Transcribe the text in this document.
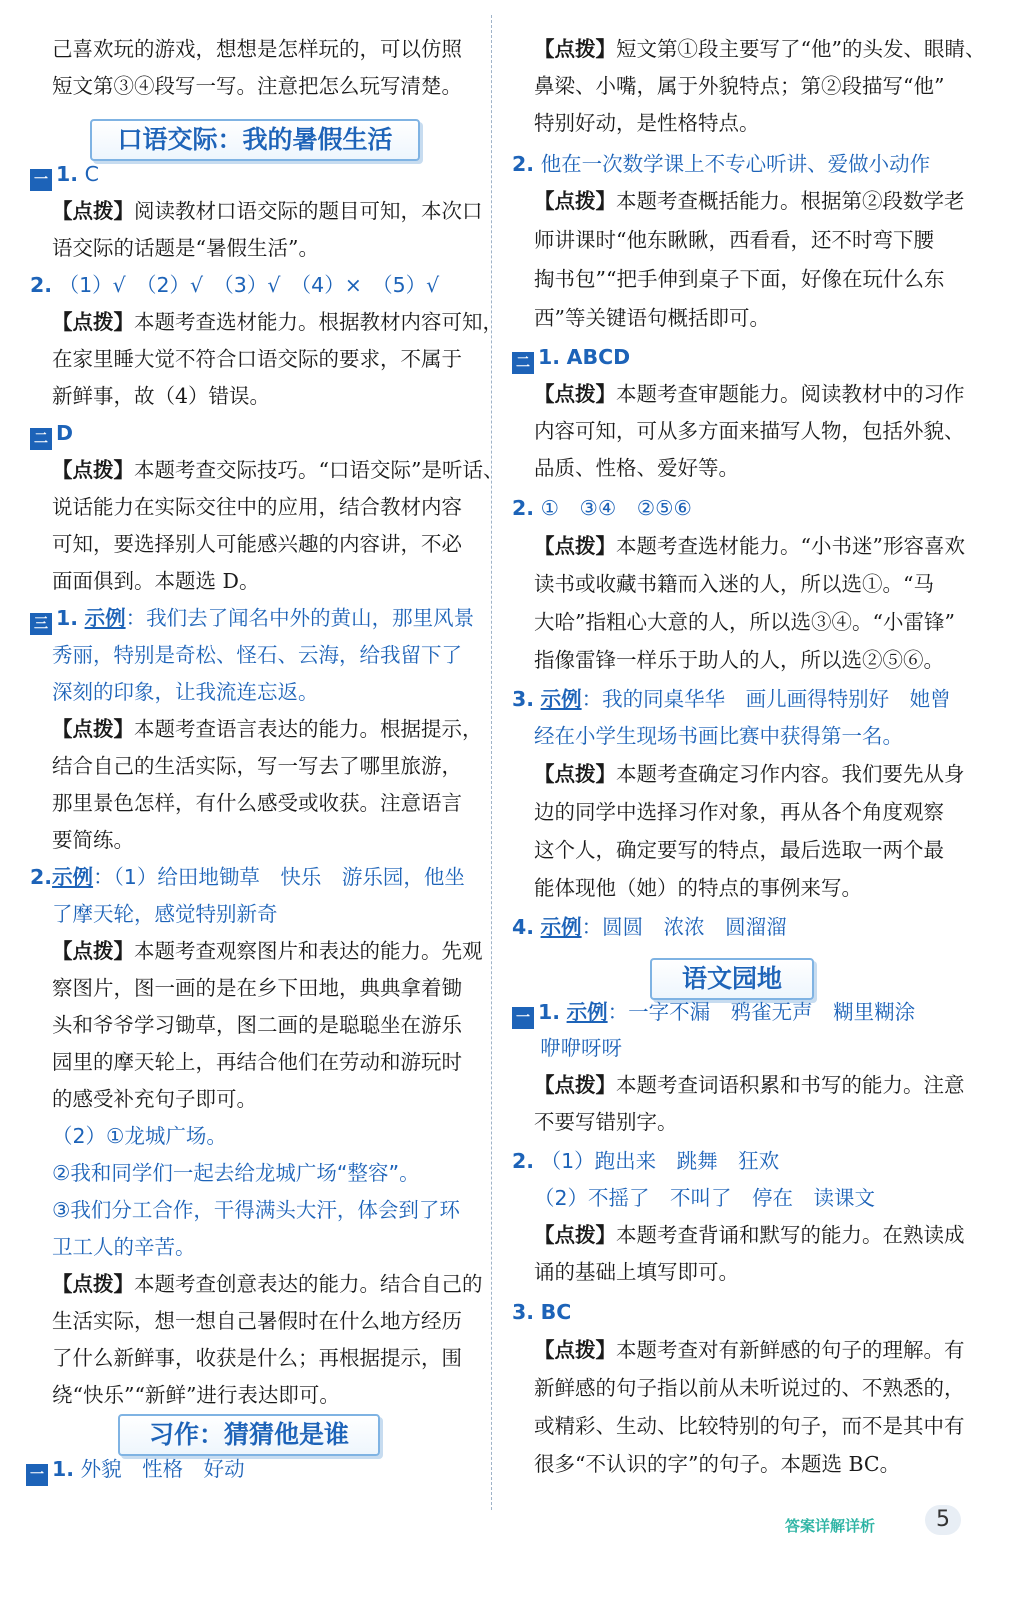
己喜欢玩的游戏，想想是怎样玩的，可以仿照
短文第③④段写一写。注意把怎么玩写清楚。
口语交际：我的暑假生活
一 1. C
【点拨】阅读教材口语交际的题目可知，本次口
语交际的话题是“暑假生活”。
2. （1）√　（2）√　（3）√　（4）×　（5）√
【点拨】本题考查选材能力。根据教材内容可知，
在家里睡大觉不符合口语交际的要求，不属于
新鲜事，故（4）错误。
二 D
【点拨】本题考查交际技巧。“口语交际”是听话、
说话能力在实际交往中的应用，结合教材内容
可知，要选择别人可能感兴趣的内容讲，不必
面面俱到。本题选 D。
三 1. 示例：我们去了闻名中外的黄山，那里风景
秀丽，特别是奇松、怪石、云海，给我留下了
深刻的印象，让我流连忘返。
【点拨】本题考查语言表达的能力。根据提示，
结合自己的生活实际，写一写去了哪里旅游，
那里景色怎样，有什么感受或收获。注意语言
要简练。
2.示例：（1）给田地锄草　快乐　游乐园，他坐
了摩天轮，感觉特别新奇
【点拨】本题考查观察图片和表达的能力。先观
察图片，图一画的是在乡下田地，典典拿着锄
头和爷爷学习锄草，图二画的是聪聪坐在游乐
园里的摩天轮上，再结合他们在劳动和游玩时
的感受补充句子即可。
（2）①龙城广场。
②我和同学们一起去给龙城广场“整容”。
③我们分工合作，干得满头大汗，体会到了环
卫工人的辛苦。
【点拨】本题考查创意表达的能力。结合自己的
生活实际，想一想自己暑假时在什么地方经历
了什么新鲜事，收获是什么；再根据提示，围
绕“快乐”“新鲜”进行表达即可。
习作：猜猜他是谁
一 1. 外貌　性格　好动
【点拨】短文第①段主要写了“他”的头发、眼睛、
鼻梁、小嘴，属于外貌特点；第②段描写“他”
特别好动，是性格特点。
2. 他在一次数学课上不专心听讲、爱做小动作
【点拨】本题考查概括能力。根据第②段数学老
师讲课时“他东瞅瞅，西看看，还不时弯下腰
掏书包”“把手伸到桌子下面，好像在玩什么东
西”等关键语句概括即可。
二 1. ABCD
【点拨】本题考查审题能力。阅读教材中的习作
内容可知，可从多方面来描写人物，包括外貌、
品质、性格、爱好等。
2. ①　③④　②⑤⑥
【点拨】本题考查选材能力。“小书迷”形容喜欢
读书或收藏书籍而入迷的人，所以选①。“马
大哈”指粗心大意的人，所以选③④。“小雷锋”
指像雷锋一样乐于助人的人，所以选②⑤⑥。
3. 示例：我的同桌华华　画儿画得特别好　她曾
经在小学生现场书画比赛中获得第一名。
【点拨】本题考查确定习作内容。我们要先从身
边的同学中选择习作对象，再从各个角度观察
这个人，确定要写的特点，最后选取一两个最
能体现他（她）的特点的事例来写。
4. 示例：圆圆　浓浓　圆溜溜
语文园地
一 1. 示例：一字不漏　鸦雀无声　糊里糊涂
咿咿呀呀
【点拨】本题考查词语积累和书写的能力。注意
不要写错别字。
2. （1）跑出来　跳舞　狂欢
（2）不摇了　不叫了　停在　读课文
【点拨】本题考查背诵和默写的能力。在熟读成
诵的基础上填写即可。
3. BC
【点拨】本题考查对有新鲜感的句子的理解。有
新鲜感的句子指以前从未听说过的、不熟悉的，
或精彩、生动、比较特别的句子，而不是其中有
很多“不认识的字”的句子。本题选 BC。
答案详解详析	5
